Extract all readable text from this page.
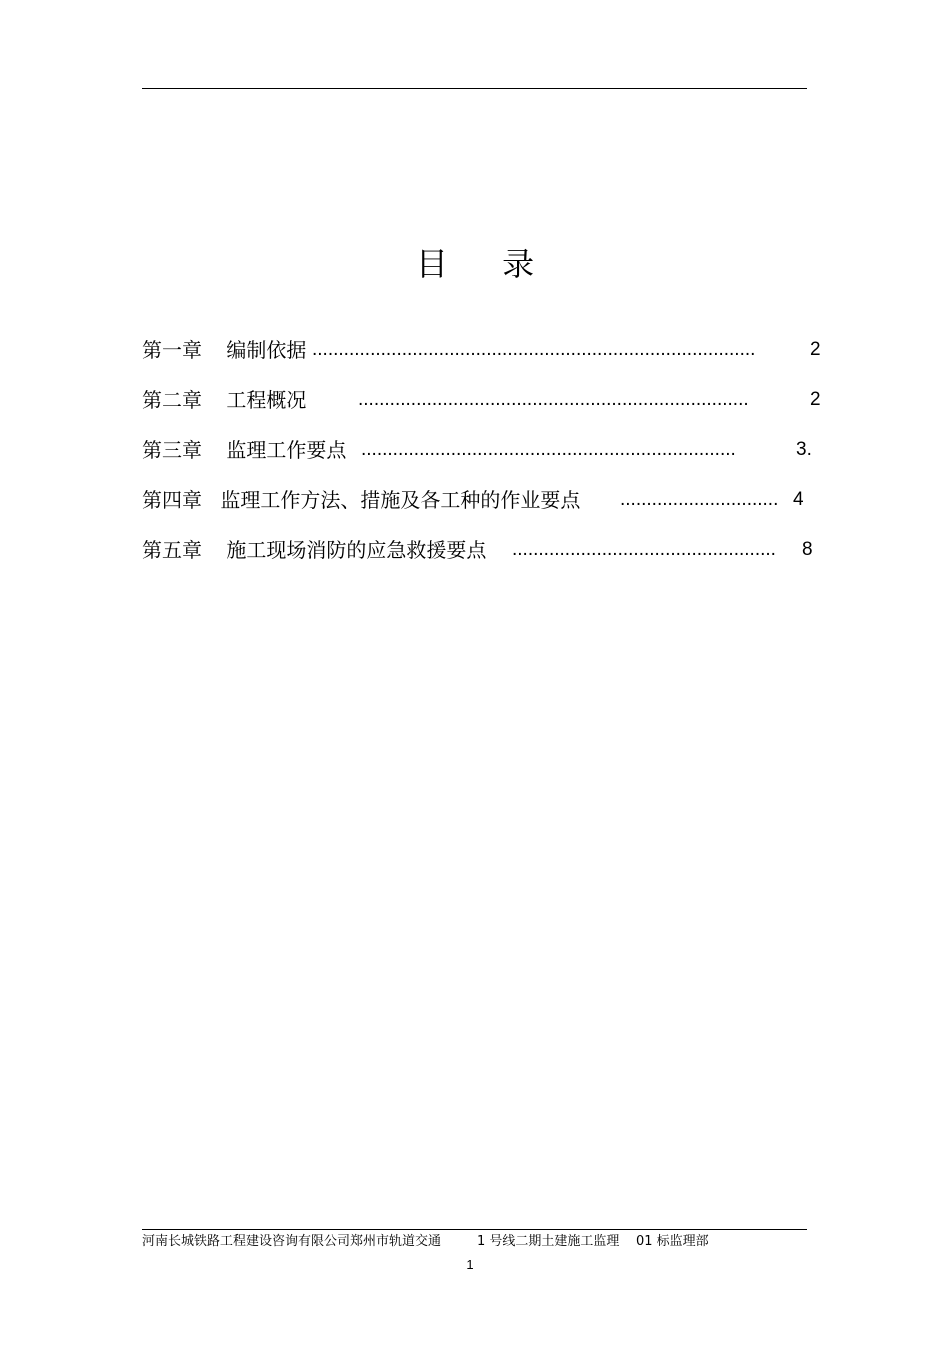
目 录
第一章 编制依据 ....................................................................................	2
第二章 工程概况	..........................................................................	2
第三章 监理工作要点 .......................................................................	3.
第四章 监理工作方法、措施及各工种的作业要点 .............................. 4
第五章 施工现场消防的应急救援要点 ..................................................	8
河南长城铁路工程建设咨询有限公司郑州市轨道交通	1 号线二期土建施工监理 01 标监理部
1
